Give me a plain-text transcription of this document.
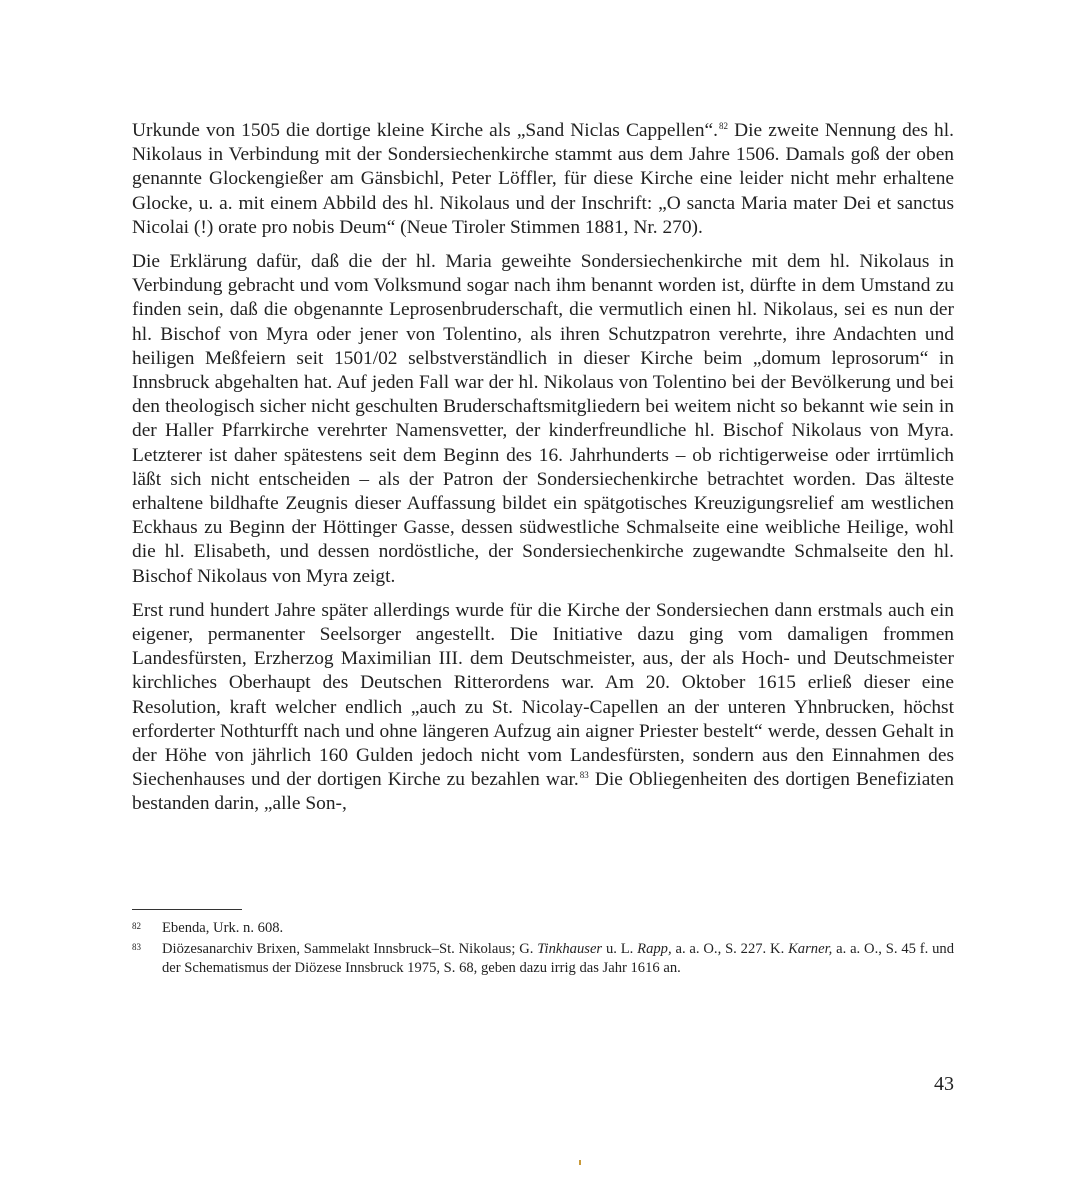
Urkunde von 1505 die dortige kleine Kirche als „Sand Niclas Cappellen“.$^{82}$ Die zweite Nennung des hl. Nikolaus in Verbindung mit der Sondersiechenkirche stammt aus dem Jahre 1506. Damals goß der oben genannte Glockengießer am Gänsbichl, Peter Löffler, für diese Kirche eine leider nicht mehr erhaltene Glocke, u. a. mit einem Abbild des hl. Nikolaus und der Inschrift: „O sancta Maria mater Dei et sanctus Nicolai (!) orate pro nobis Deum“ (Neue Tiroler Stimmen 1881, Nr. 270).

Die Erklärung dafür, daß die der hl. Maria geweihte Sondersiechenkirche mit dem hl. Nikolaus in Verbindung gebracht und vom Volksmund sogar nach ihm benannt worden ist, dürfte in dem Umstand zu finden sein, daß die obgenannte Leprosenbruderschaft, die vermutlich einen hl. Nikolaus, sei es nun der hl. Bischof von Myra oder jener von Tolentino, als ihren Schutzpatron verehrte, ihre Andachten und heiligen Meßfeiern seit 1501/02 selbstverständlich in dieser Kirche beim „domum leprosorum“ in Innsbruck abgehalten hat. Auf jeden Fall war der hl. Nikolaus von Tolentino bei der Bevölkerung und bei den theologisch sicher nicht geschulten Bruderschaftsmitgliedern bei weitem nicht so bekannt wie sein in der Haller Pfarrkirche verehrter Namensvetter, der kinderfreundliche hl. Bischof Nikolaus von Myra. Letzterer ist daher spätestens seit dem Beginn des 16. Jahrhunderts – ob richtigerweise oder irrtümlich läßt sich nicht entscheiden – als der Patron der Sondersiechenkirche betrachtet worden. Das älteste erhaltene bildhafte Zeugnis dieser Auffassung bildet ein spätgotisches Kreuzigungsrelief am westlichen Eckhaus zu Beginn der Höttinger Gasse, dessen südwestliche Schmalseite eine weibliche Heilige, wohl die hl. Elisabeth, und dessen nordöstliche, der Sondersiechenkirche zugewandte Schmalseite den hl. Bischof Nikolaus von Myra zeigt.

Erst rund hundert Jahre später allerdings wurde für die Kirche der Sondersiechen dann erstmals auch ein eigener, permanenter Seelsorger angestellt. Die Initiative dazu ging vom damaligen frommen Landesfürsten, Erzherzog Maximilian III. dem Deutschmeister, aus, der als Hoch- und Deutschmeister kirchliches Oberhaupt des Deutschen Ritterordens war. Am 20. Oktober 1615 erließ dieser eine Resolution, kraft welcher endlich „auch zu St. Nicolay-Capellen an der unteren Yhnbrucken, höchst erforderter Nothturfft nach und ohne längeren Aufzug ain aigner Priester bestelt“ werde, dessen Gehalt in der Höhe von jährlich 160 Gulden jedoch nicht vom Landesfürsten, sondern aus den Einnahmen des Siechenhauses und der dortigen Kirche zu bezahlen war.$^{83}$ Die Obliegenheiten des dortigen Benefiziaten bestanden darin, „alle Son-,

82	Ebenda, Urk. n. 608.
83	Diözesanarchiv Brixen, Sammelakt Innsbruck–St. Nikolaus; G. Tinkhauser u. L. Rapp, a. a. O., S. 227. K. Karner, a. a. O., S. 45 f. und der Schematismus der Diözese Innsbruck 1975, S. 68, geben dazu irrig das Jahr 1616 an.
43
